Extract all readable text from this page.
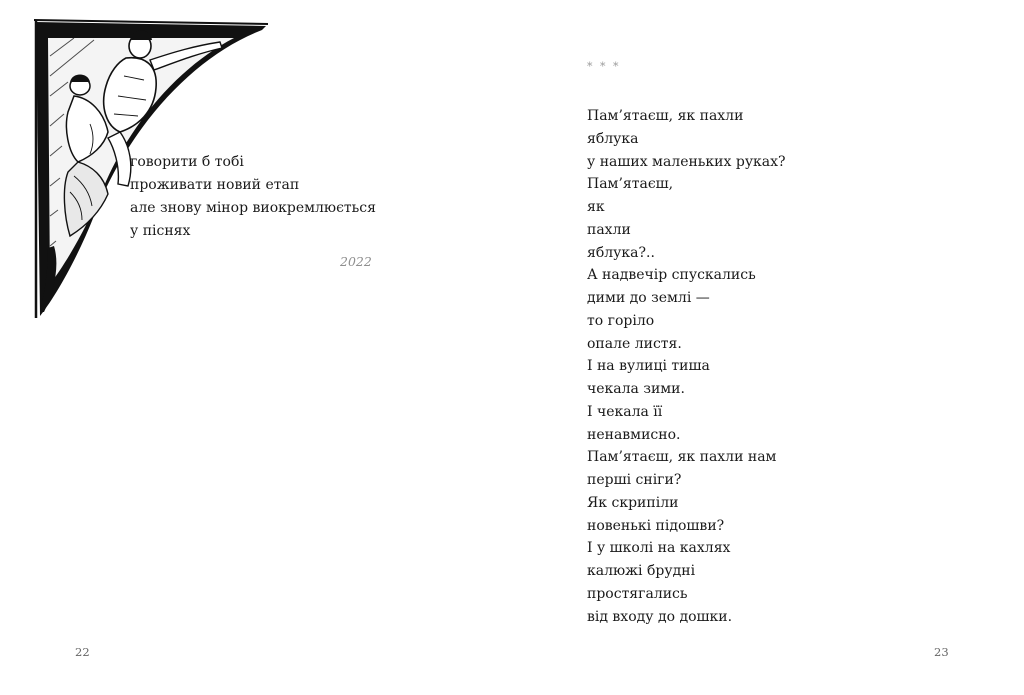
говорити б тобі
проживати новий етап
але знову мінор виокремлюється
у піснях
2022
22
* * *
Пам’ятаєш, як пахли
яблука
у наших маленьких руках?
Пам’ятаєш,
як
пахли
яблука?..
А надвечір спускались
дими до землі —
то горіло
опале листя.
І на вулиці тиша
чекала зими.
І чекала її
ненавмисно.
Пам’ятаєш, як пахли нам
перші сніги?
Як скрипіли
новенькі підошви?
І у школі на кахлях
калюжі брудні
простягались
від входу до дошки.
23
